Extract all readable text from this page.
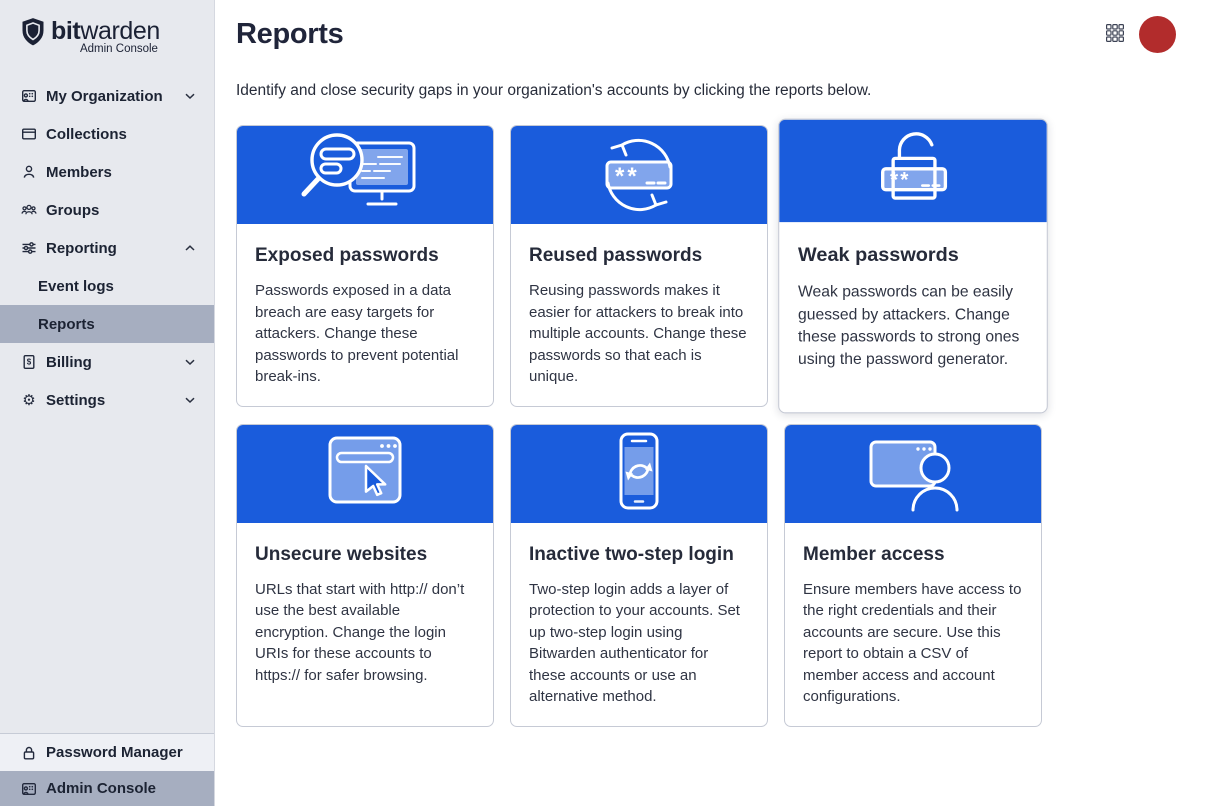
bitwarden
Admin Console
My Organization
Collections
Members
Groups
Reporting
Event logs
Reports
$ Billing
⚙ Settings
Password Manager
Admin Console
Reports

Identify and close security gaps in your organization's accounts by clicking the reports below.

Exposed passwords

Passwords exposed in a data breach are easy targets for attackers. Change these passwords to prevent potential break-ins.

**
Reused passwords

Reusing passwords makes it easier for attackers to break into multiple accounts. Change these passwords so that each is unique.

**
Weak passwords

Weak passwords can be easily guessed by attackers. Change these passwords to strong ones using the password generator.

Unsecure websites

URLs that start with http:// don’t use the best available encryption. Change the login URIs for these accounts to https:// for safer browsing.

Inactive two-step login

Two-step login adds a layer of protection to your accounts. Set up two-step login using Bitwarden authenticator for these accounts or use an alternative method.

Member access

Ensure members have access to the right credentials and their accounts are secure. Use this report to obtain a CSV of member access and account configurations.
